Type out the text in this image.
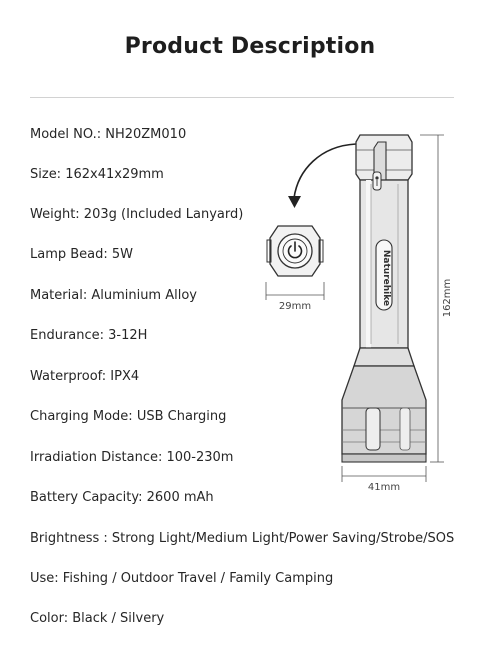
Product Description
Model NO.: NH20ZM010
Size: 162x41x29mm
Weight: 203g (Included Lanyard)
Lamp Bead: 5W
Material: Aluminium Alloy
Endurance: 3-12H
Waterproof: IPX4
Charging Mode: USB Charging
Irradiation Distance: 100-230m
Battery Capacity: 2600 mAh
Brightness : Strong Light/Medium Light/Power Saving/Strobe/SOS
Use: Fishing / Outdoor Travel / Family Camping
Color: Black / Silvery
29mm
Naturehike	162mm
41mm
